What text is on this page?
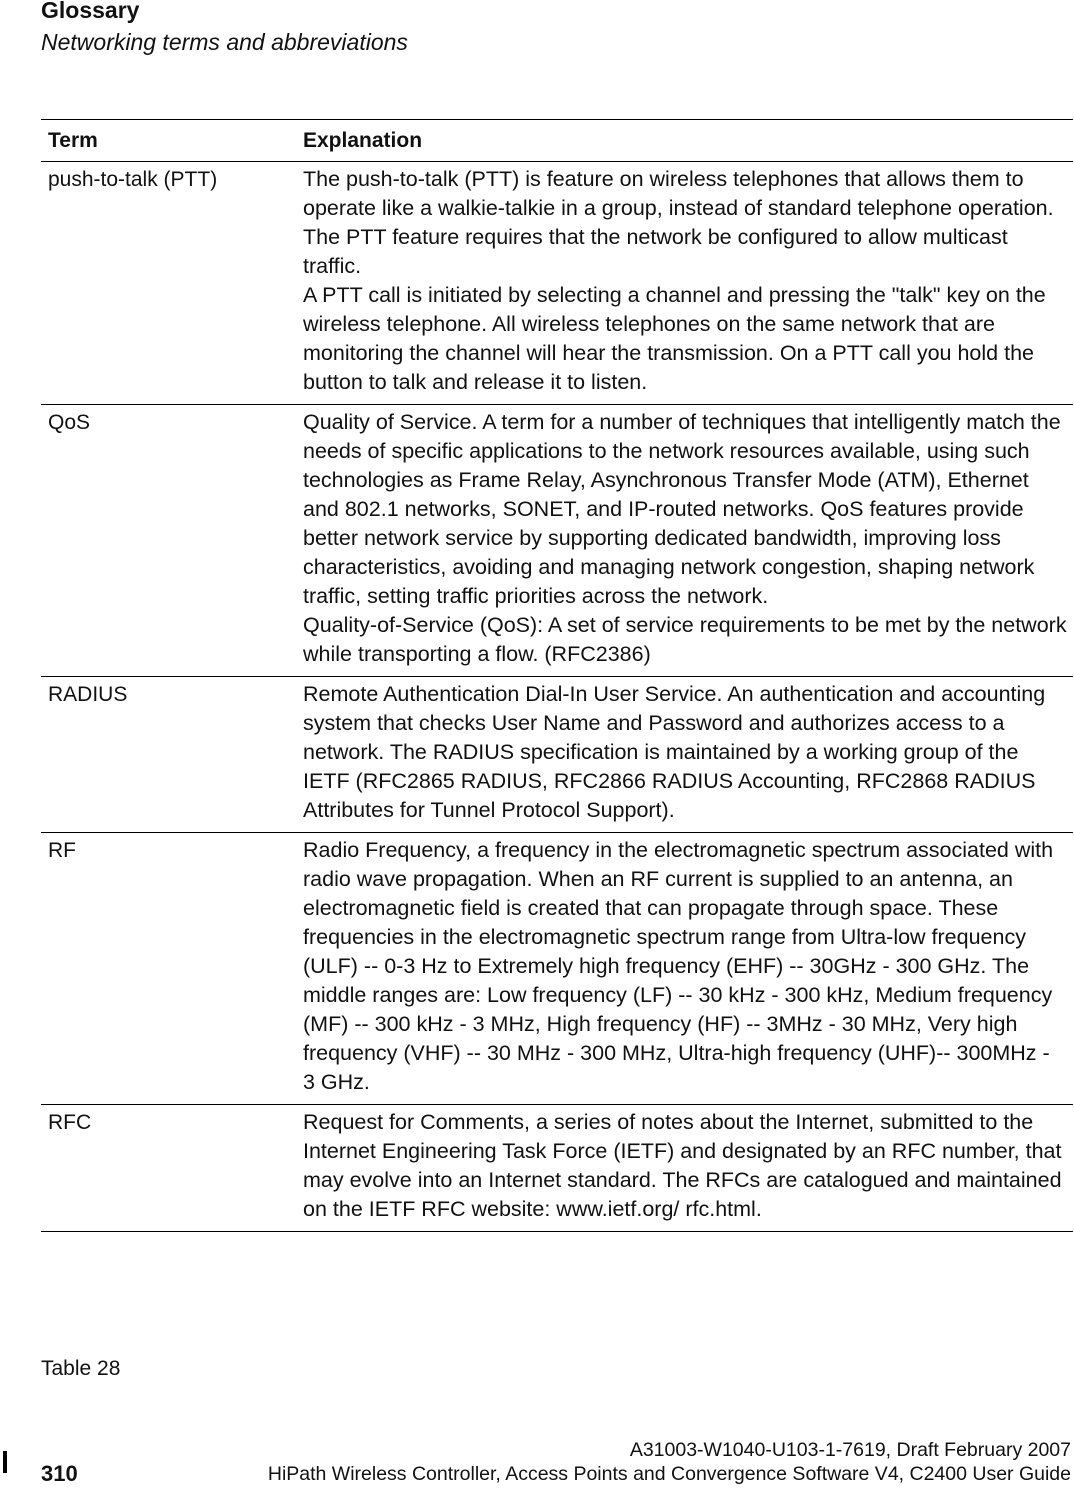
Glossary
Networking terms and abbreviations
Term	Explanation
push-to-talk (PTT)	The push-to-talk (PTT) is feature on wireless telephones that allows them to operate like a walkie-talkie in a group, instead of standard telephone operation. The PTT feature requires that the network be configured to allow multicast traffic.

A PTT call is initiated by selecting a channel and pressing the "talk" key on the wireless telephone. All wireless telephones on the same network that are monitoring the channel will hear the transmission. On a PTT call you hold the button to talk and release it to listen.

QoS	Quality of Service. A term for a number of techniques that intelligently match the needs of specific applications to the network resources available, using such technologies as Frame Relay, Asynchronous Transfer Mode (ATM), Ethernet and 802.1 networks, SONET, and IP-routed networks. QoS features provide better network service by supporting dedicated bandwidth, improving loss characteristics, avoiding and managing network congestion, shaping network traffic, setting traffic priorities across the network.

Quality-of-Service (QoS): A set of service requirements to be met by the network while transporting a flow. (RFC2386)

RADIUS	Remote Authentication Dial-In User Service. An authentication and accounting system that checks User Name and Password and authorizes access to a network. The RADIUS specification is maintained by a working group of the IETF (RFC2865 RADIUS, RFC2866 RADIUS Accounting, RFC2868 RADIUS Attributes for Tunnel Protocol Support).

RF	Radio Frequency, a frequency in the electromagnetic spectrum associated with radio wave propagation. When an RF current is supplied to an antenna, an electromagnetic field is created that can propagate through space. These frequencies in the electromagnetic spectrum range from Ultra-low frequency (ULF) -- 0-3 Hz to Extremely high frequency (EHF) -- 30GHz - 300 GHz. The middle ranges are: Low frequency (LF) -- 30 kHz - 300 kHz, Medium frequency (MF) -- 300 kHz - 3 MHz, High frequency (HF) -- 3MHz - 30 MHz, Very high frequency (VHF) -- 30 MHz - 300 MHz, Ultra-high frequency (UHF)-- 300MHz - 3 GHz.

RFC	Request for Comments, a series of notes about the Internet, submitted to the Internet Engineering Task Force (IETF) and designated by an RFC number, that may evolve into an Internet standard. The RFCs are catalogued and maintained on the IETF RFC website: www.ietf.org/ rfc.html.

Table 28
310
A31003-W1040-U103-1-7619, Draft February 2007
HiPath Wireless Controller, Access Points and Convergence Software V4, C2400 User Guide
